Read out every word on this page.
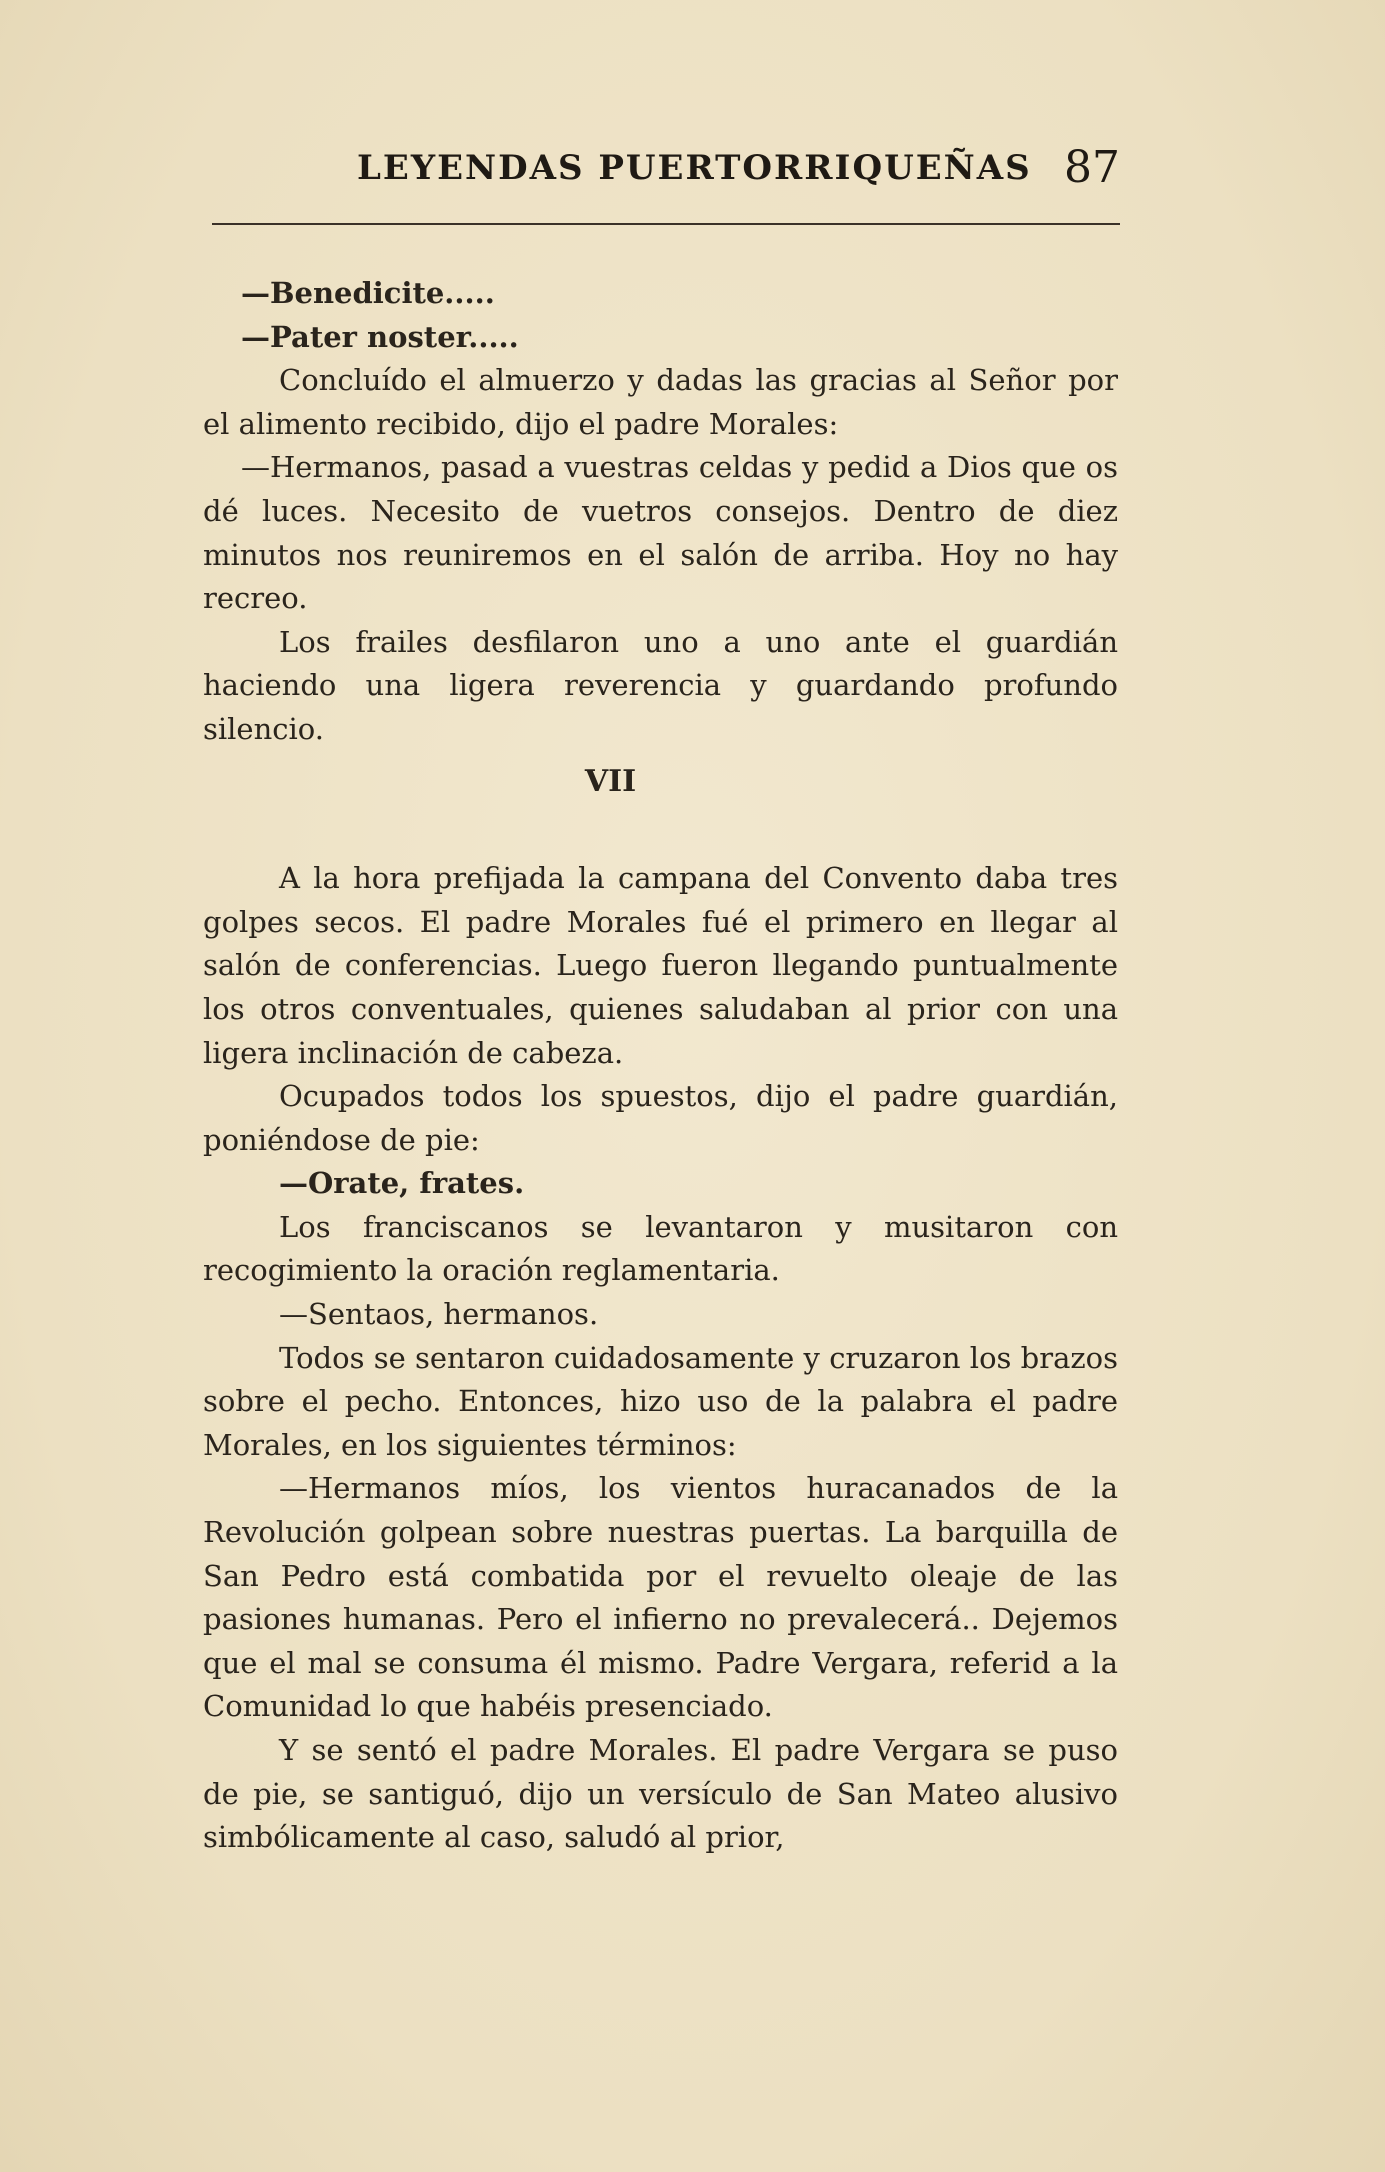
LEYENDAS PUERTORRIQUEÑAS 87

—Benedicite.....

—Pater noster.....

Concluído el almuerzo y dadas las gracias al Señor por el alimento recibido, dijo el padre Morales:

—Hermanos, pasad a vuestras celdas y pedid a Dios que os dé luces. Necesito de vuetros consejos. Dentro de diez minutos nos reuniremos en el salón de arriba. Hoy no hay recreo.

Los frailes desfilaron uno a uno ante el guardián haciendo una ligera reverencia y guardando profundo silencio.

VII

A la hora prefijada la campana del Convento daba tres golpes secos. El padre Morales fué el primero en llegar al salón de conferencias. Luego fueron llegando puntualmente los otros conventuales, quienes saludaban al prior con una ligera inclinación de cabeza.

Ocupados todos los spuestos, dijo el padre guardián, poniéndose de pie:

—Orate, frates.

Los franciscanos se levantaron y musitaron con recogimiento la oración reglamentaria.

—Sentaos, hermanos.

Todos se sentaron cuidadosamente y cruzaron los brazos sobre el pecho. Entonces, hizo uso de la palabra el padre Morales, en los siguientes términos:

—Hermanos míos, los vientos huracanados de la Revolución golpean sobre nuestras puertas. La barquilla de San Pedro está combatida por el revuelto oleaje de las pasiones humanas. Pero el infierno no prevalecerá.. Dejemos que el mal se consuma él mismo. Padre Vergara, referid a la Comunidad lo que habéis presenciado.

Y se sentó el padre Morales. El padre Vergara se puso de pie, se santiguó, dijo un versículo de San Mateo alusivo simbólicamente al caso, saludó al prior,
